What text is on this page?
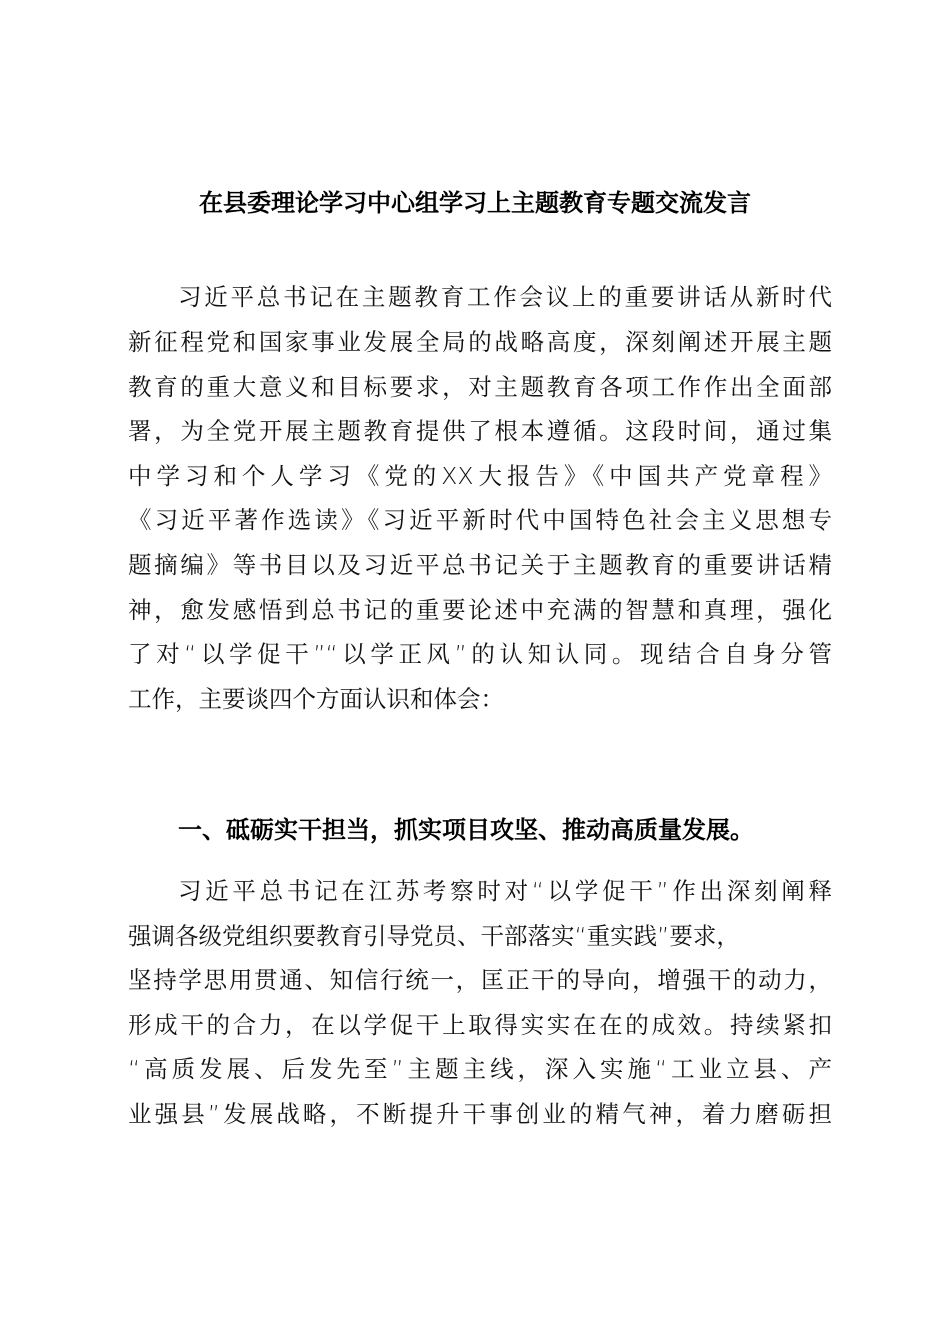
在县委理论学习中心组学习上主题教育专题交流发言
习近平总书记在主题教育工作会议上的重要讲话从新时代
新征程党和国家事业发展全局的战略高度，深刻阐述开展主题
教育的重大意义和目标要求，对主题教育各项工作作出全面部
署，为全党开展主题教育提供了根本遵循。这段时间，通过集
中学习和个人学习《党的XX大报告》《中国共产党章程》
《习近平著作选读》《习近平新时代中国特色社会主义思想专
题摘编》等书目以及习近平总书记关于主题教育的重要讲话精
神，愈发感悟到总书记的重要论述中充满的智慧和真理，强化
了对“以学促干”“以学正风”的认知认同。现结合自身分管
工作，主要谈四个方面认识和体会：
一、砥砺实干担当，抓实项目攻坚、推动高质量发展。
习近平总书记在江苏考察时对“以学促干”作出深刻阐释
强调各级党组织要教育引导党员、干部落实“重实践”要求，
坚持学思用贯通、知信行统一，匡正干的导向，增强干的动力，
形成干的合力，在以学促干上取得实实在在的成效。持续紧扣
“高质发展、后发先至”主题主线，深入实施“工业立县、产
业强县”发展战略，不断提升干事创业的精气神，着力磨砺担
